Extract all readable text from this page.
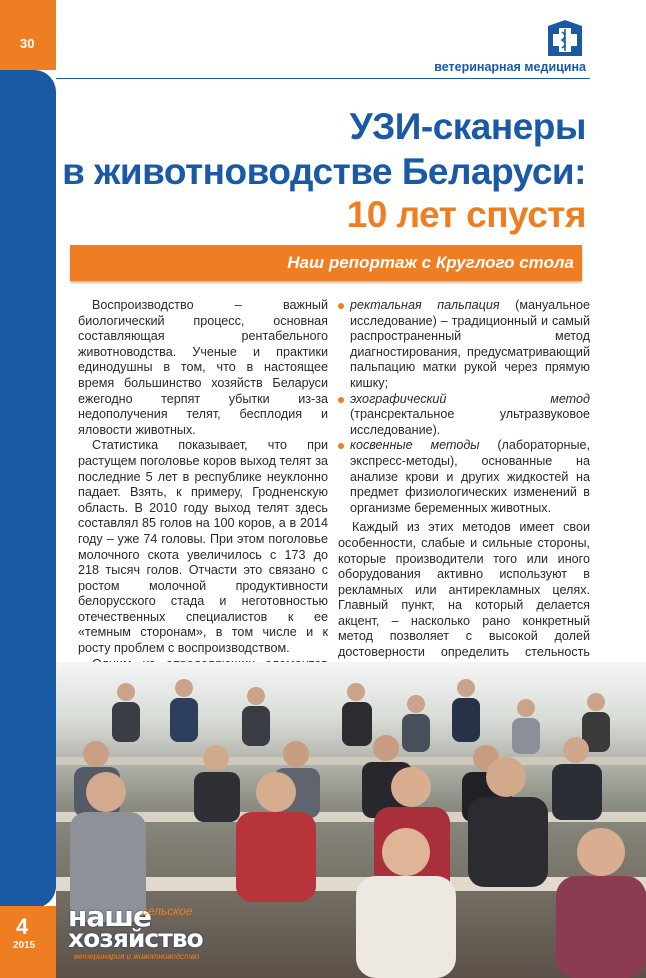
30
4
2015
ветеринарная медицина
УЗИ-сканеры
в животноводстве Беларуси:
10 лет спустя
Наш репортаж с Круглого стола

Воспроизводство – важный биологический процесс, основная составляющая рентабельного животноводства. Ученые и практики единодушны в том, что в настоящее время большинство хозяйств Беларуси ежегодно терпят убытки из-за недополучения телят, бесплодия и яловости животных.

Статистика показывает, что при растущем поголовье коров выход телят за последние 5 лет в республике неуклонно падает. Взять, к примеру, Гродненскую область. В 2010 году выход телят здесь составлял 85 голов на 100 коров, а в 2014 году – уже 74 головы. При этом поголовье молочного скота увеличилось с 173 до 218 тысяч голов. Отчасти это связано с ростом молочной продуктивности белорусского стада и неготовностью отечественных специалистов к ее «темным сторонам», в том числе и к росту проблем с воспроизводством.

ректальная пальпация (мануальное исследование) – традиционный и самый распространенный метод диагностирования, предусматривающий пальпацию матки рукой через прямую кишку;

эхографический метод (трансректальное ультразвуковое исследование).

косвенные методы (лабораторные, экспресс-методы), основанные на анализе крови и других жидкостей на предмет физиологических изменений в организме беременных животных.

Каждый из этих методов имеет свои особенности, слабые и сильные стороны, которые производители того или иного оборудования активно используют в рекламных или антирекламных целях. Главный пункт, на который делается акцент, – насколько рано конкретный метод позволяет с высокой долей достоверности определить стельность

наше
сельское
хозяйство
ветеринария и животноводство
